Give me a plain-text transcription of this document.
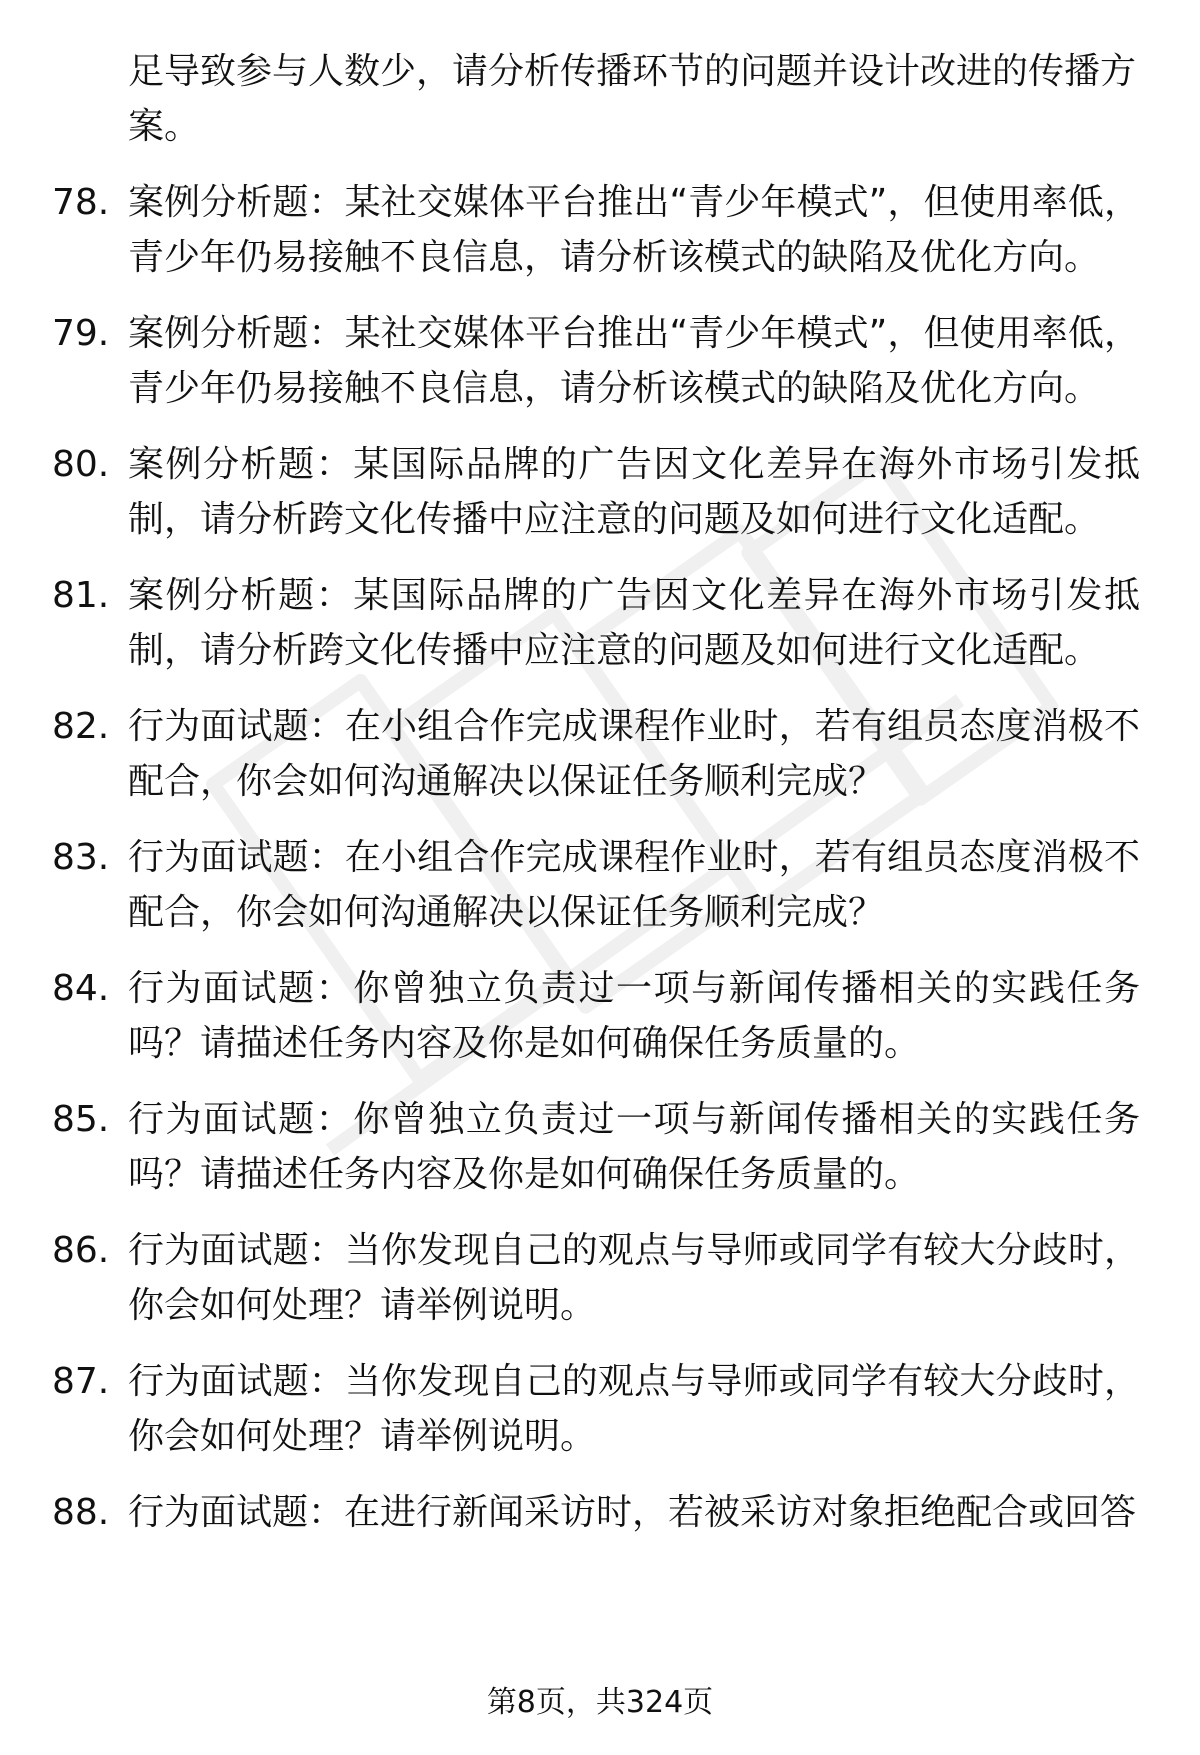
足导致参与人数少，请分析传播环节的问题并设计改进的传播方案。
78. 案例分析题：某社交媒体平台推出“青少年模式”，但使用率低，青少年仍易接触不良信息，请分析该模式的缺陷及优化方向。
79. 案例分析题：某社交媒体平台推出“青少年模式”，但使用率低，青少年仍易接触不良信息，请分析该模式的缺陷及优化方向。
80. 案例分析题：某国际品牌的广告因文化差异在海外市场引发抵制，请分析跨文化传播中应注意的问题及如何进行文化适配。
81. 案例分析题：某国际品牌的广告因文化差异在海外市场引发抵制，请分析跨文化传播中应注意的问题及如何进行文化适配。
82. 行为面试题：在小组合作完成课程作业时，若有组员态度消极不配合，你会如何沟通解决以保证任务顺利完成？
83. 行为面试题：在小组合作完成课程作业时，若有组员态度消极不配合，你会如何沟通解决以保证任务顺利完成？
84. 行为面试题：你曾独立负责过一项与新闻传播相关的实践任务吗？请描述任务内容及你是如何确保任务质量的。
85. 行为面试题：你曾独立负责过一项与新闻传播相关的实践任务吗？请描述任务内容及你是如何确保任务质量的。
86. 行为面试题：当你发现自己的观点与导师或同学有较大分歧时，你会如何处理？请举例说明。
87. 行为面试题：当你发现自己的观点与导师或同学有较大分歧时，你会如何处理？请举例说明。
88. 行为面试题：在进行新闻采访时，若被采访对象拒绝配合或回答
第8页，共324页
